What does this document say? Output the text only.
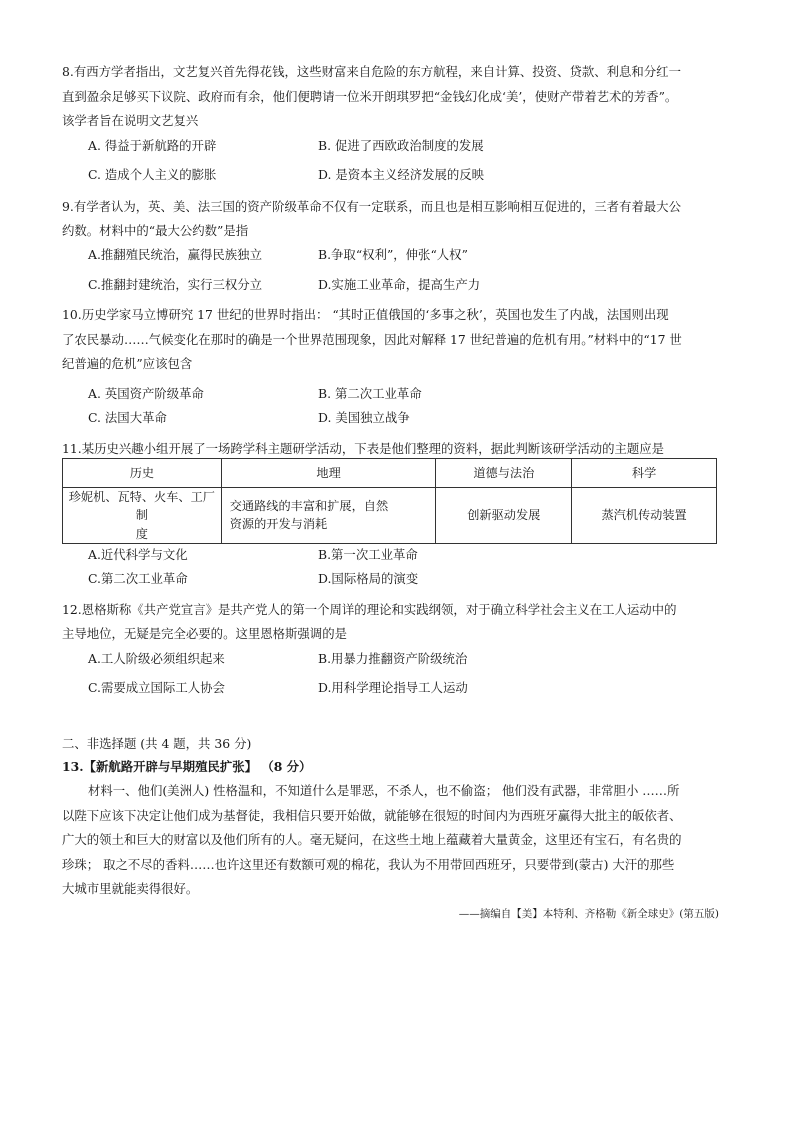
8.有西方学者指出，文艺复兴首先得花钱，这些财富来自危险的东方航程，来自计算、投资、贷款、利息和分红一
直到盈余足够买下议院、政府而有余，他们便聘请一位米开朗琪罗把“金钱幻化成‘美’，使财产带着艺术的芳香”。
该学者旨在说明文艺复兴
A. 得益于新航路的开辟	B. 促进了西欧政治制度的发展
C. 造成个人主义的膨胀	D. 是资本主义经济发展的反映
9.有学者认为，英、美、法三国的资产阶级革命不仅有一定联系，而且也是相互影响相互促进的，三者有着最大公
约数。材料中的“最大公约数”是指
A.推翻殖民统治，赢得民族独立	B.争取“权利”，伸张“人权”
C.推翻封建统治，实行三权分立	D.实施工业革命，提高生产力
10.历史学家马立博研究 17 世纪的世界时指出： “其时正值俄国的‘多事之秋’，英国也发生了内战，法国则出现
了农民暴动……气候变化在那时的确是一个世界范围现象，因此对解释 17 世纪普遍的危机有用。”材料中的“17 世
纪普遍的危机”应该包含
A. 英国资产阶级革命	B. 第二次工业革命
C. 法国大革命	D. 美国独立战争
11.某历史兴趣小组开展了一场跨学科主题研学活动，下表是他们整理的资料，据此判断该研学活动的主题应是
历史	地理	道德与法治	科学
珍妮机、瓦特、火车、工厂制
度	交通路线的丰富和扩展，自然
资源的开发与消耗	创新驱动发展	蒸汽机传动装置
A.近代科学与文化	B.第一次工业革命
C.第二次工业革命	D.国际格局的演变
12.恩格斯称《共产党宣言》是共产党人的第一个周详的理论和实践纲领，对于确立科学社会主义在工人运动中的
主导地位，无疑是完全必要的。这里恩格斯强调的是
A.工人阶级必须组织起来	B.用暴力推翻资产阶级统治
C.需要成立国际工人协会	D.用科学理论指导工人运动
二、非选择题 (共 4 题，共 36 分)
13.【新航路开辟与早期殖民扩张】 （8 分）
材料一、他们(美洲人) 性格温和，不知道什么是罪恶，不杀人，也不偷盗； 他们没有武器，非常胆小 ……所
以陛下应该下决定让他们成为基督徒，我相信只要开始做，就能够在很短的时间内为西班牙赢得大批主的皈依者、
广大的领土和巨大的财富以及他们所有的人。毫无疑问，在这些土地上蕴藏着大量黄金，这里还有宝石，有名贵的
珍珠； 取之不尽的香料……也许这里还有数额可观的棉花，我认为不用带回西班牙，只要带到(蒙古) 大汗的那些
大城市里就能卖得很好。
——摘编自【美】本特利、齐格勒《新全球史》(第五版)
